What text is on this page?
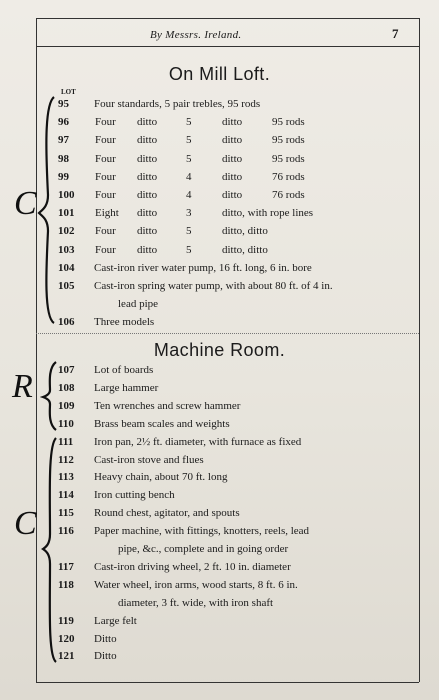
By Messrs. Ireland.	7
On Mill Loft.
LOT
95 Four standards, 5 pair trebles, 95 rods
96	Four ditto	5	ditto	95 rods
97	Four ditto	5	ditto	95 rods
98	Four ditto	5	ditto	95 rods
99	Four ditto	4	ditto	76 rods
100	Four ditto	4	ditto	76 rods
101	Eight ditto	3	ditto, with rope lines
102	Four ditto	5	ditto, ditto
103	Four ditto	5	ditto, ditto
104 Cast-iron river water pump, 16 ft. long, 6 in. bore
105 Cast-iron spring water pump, with about 80 ft. of 4 in.
lead pipe
106 Three models
Machine Room.
107 Lot of boards
108 Large hammer
109 Ten wrenches and screw hammer
110 Brass beam scales and weights
111 Iron pan, 2½ ft. diameter, with furnace as fixed
112 Cast-iron stove and flues
113 Heavy chain, about 70 ft. long
114 Iron cutting bench
115 Round chest, agitator, and spouts
116 Paper machine, with fittings, knotters, reels, lead
pipe, &c., complete and in going order
117 Cast-iron driving wheel, 2 ft. 10 in. diameter
118 Water wheel, iron arms, wood starts, 8 ft. 6 in.
diameter, 3 ft. wide, with iron shaft
119 Large felt
120 Ditto
121 Ditto
C
R
C
